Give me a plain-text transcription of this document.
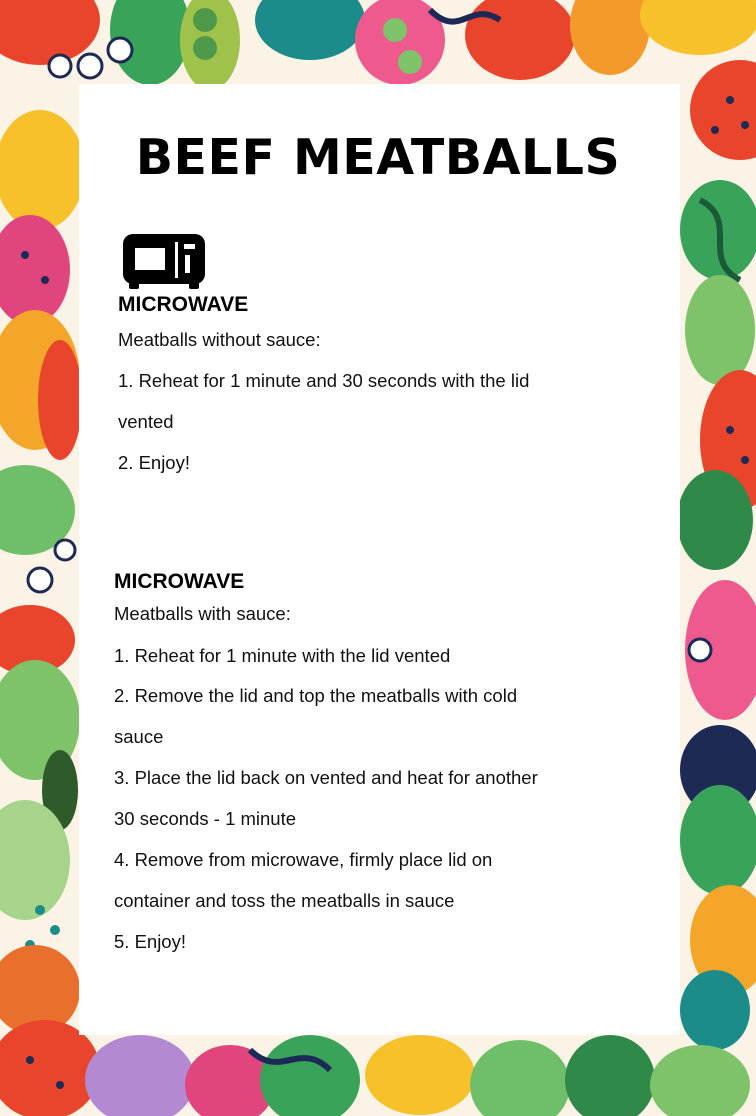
BEEF MEATBALLS
MICROWAVE

Meatballs without sauce:

1. Reheat for 1 minute and 30 seconds with the lid

vented

2. Enjoy!

MICROWAVE

Meatballs with sauce:

1. Reheat for 1 minute with the lid vented

2. Remove the lid and top the meatballs with cold

sauce

3. Place the lid back on vented and heat for another

30 seconds - 1 minute

4. Remove from microwave, firmly place lid on

container and toss the meatballs in sauce

5. Enjoy!
